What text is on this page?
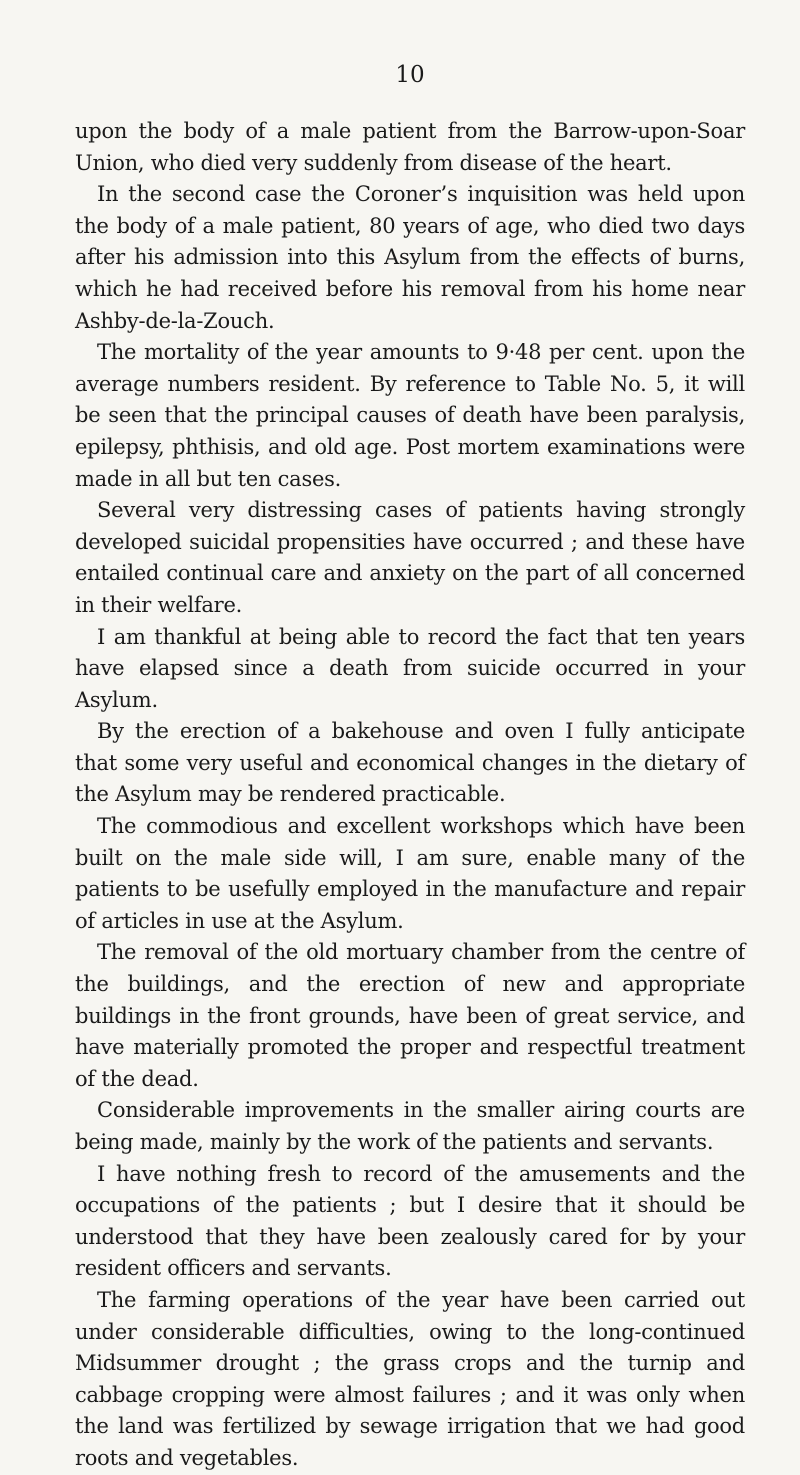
10

upon the body of a male patient from the Barrow-upon-Soar Union, who died very suddenly from disease of the heart.

In the second case the Coroner’s inquisition was held upon the body of a male patient, 80 years of age, who died two days after his admission into this Asylum from the effects of burns, which he had received before his removal from his home near Ashby-de-la-Zouch.

The mortality of the year amounts to 9·48 per cent. upon the average numbers resident. By reference to Table No. 5, it will be seen that the principal causes of death have been paralysis, epilepsy, phthisis, and old age. Post mortem examinations were made in all but ten cases.

Several very distressing cases of patients having strongly developed suicidal propensities have occurred ; and these have entailed continual care and anxiety on the part of all concerned in their welfare.

I am thankful at being able to record the fact that ten years have elapsed since a death from suicide occurred in your Asylum.

By the erection of a bakehouse and oven I fully anticipate that some very useful and economical changes in the dietary of the Asylum may be rendered practicable.

The commodious and excellent workshops which have been built on the male side will, I am sure, enable many of the patients to be usefully employed in the manufacture and repair of articles in use at the Asylum.

The removal of the old mortuary chamber from the centre of the buildings, and the erection of new and appropriate buildings in the front grounds, have been of great service, and have materially promoted the proper and respectful treatment of the dead.

Considerable improvements in the smaller airing courts are being made, mainly by the work of the patients and servants.

I have nothing fresh to record of the amusements and the occupations of the patients ; but I desire that it should be understood that they have been zealously cared for by your resident officers and servants.

The farming operations of the year have been carried out under considerable difficulties, owing to the long-continued Midsummer drought ; the grass crops and the turnip and cabbage cropping were almost failures ; and it was only when the land was fertilized by sewage irrigation that we had good roots and vegetables.
